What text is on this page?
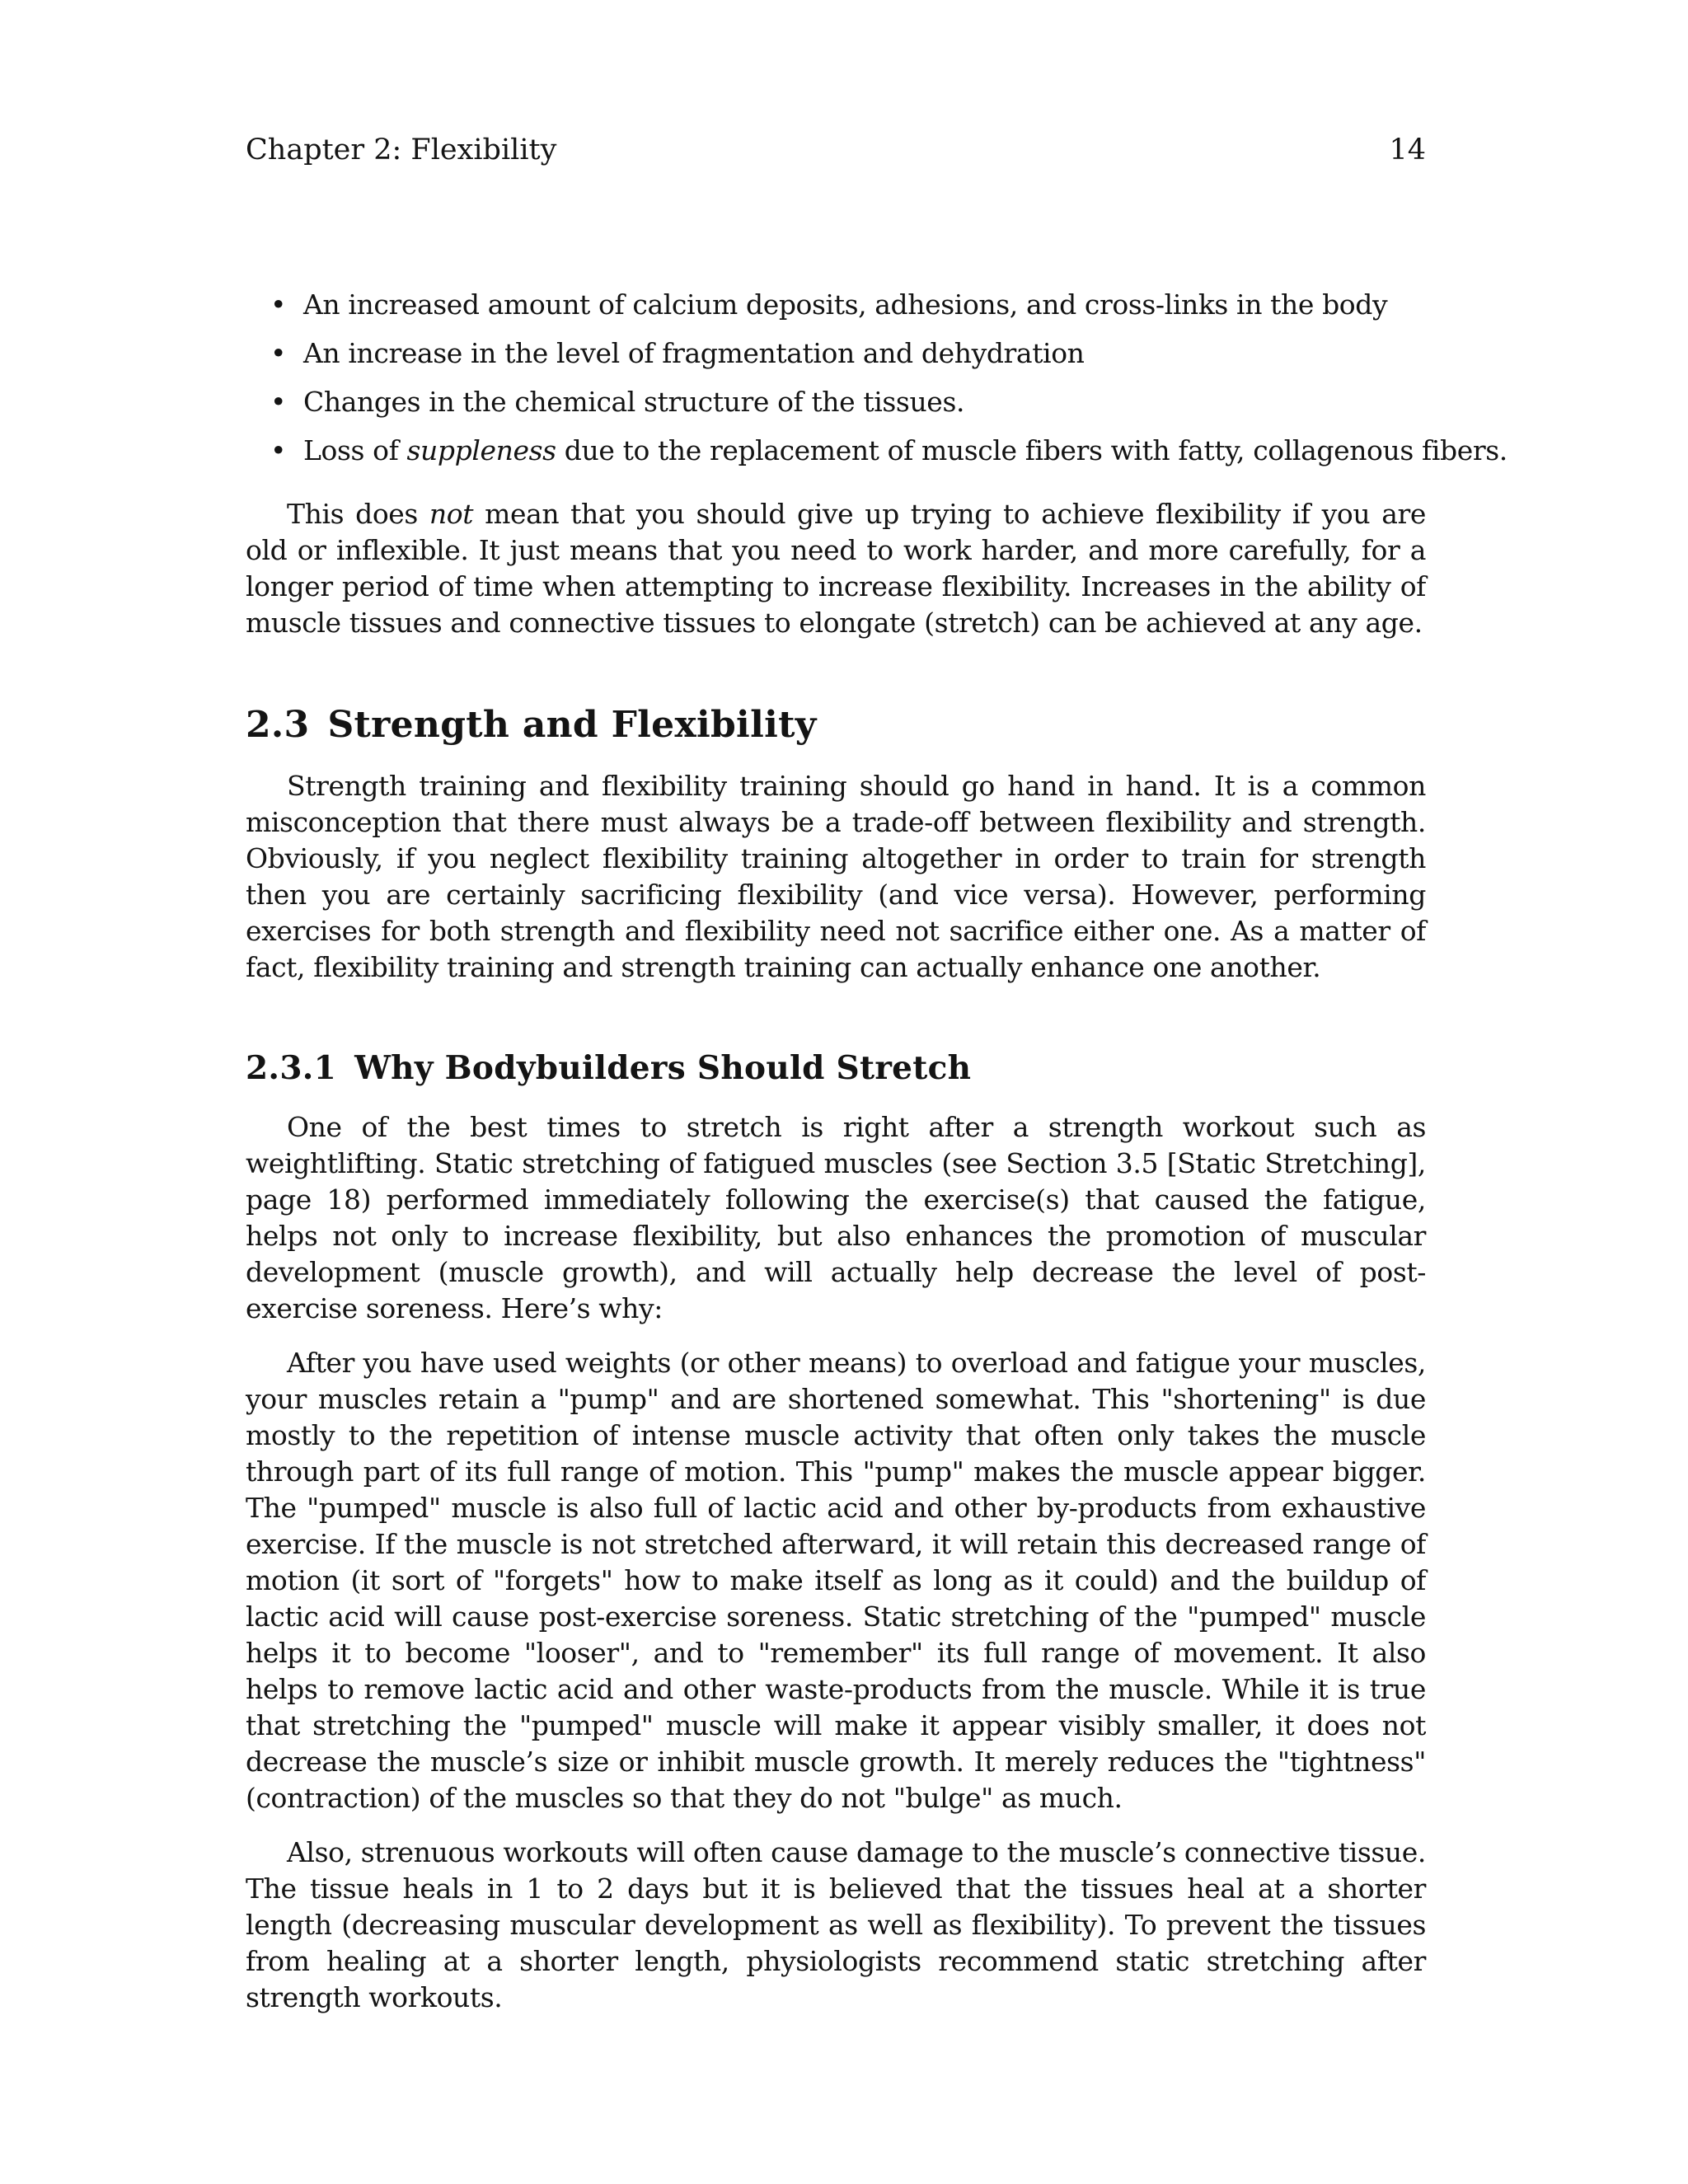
Chapter 2: Flexibility	14
• An increased amount of calcium deposits, adhesions, and cross-links in the body
• An increase in the level of fragmentation and dehydration
• Changes in the chemical structure of the tissues.
• Loss of suppleness due to the replacement of muscle fibers with fatty, collagenous fibers.

This does not mean that you should give up trying to achieve flexibility if you are old or inflexible. It just means that you need to work harder, and more carefully, for a longer period of time when attempting to increase flexibility. Increases in the ability of muscle tissues and connective tissues to elongate (stretch) can be achieved at any age.

2.3 Strength and Flexibility

Strength training and flexibility training should go hand in hand. It is a common misconception that there must always be a trade-off between flexibility and strength. Obviously, if you neglect flexibility training altogether in order to train for strength then you are certainly sacrificing flexibility (and vice versa). However, performing exercises for both strength and flexibility need not sacrifice either one. As a matter of fact, flexibility training and strength training can actually enhance one another.

2.3.1 Why Bodybuilders Should Stretch

One of the best times to stretch is right after a strength workout such as weightlifting. Static stretching of fatigued muscles (see Section 3.5 [Static Stretching], page 18) performed immediately following the exercise(s) that caused the fatigue, helps not only to increase flexibility, but also enhances the promotion of muscular development (muscle growth), and will actually help decrease the level of post-exercise soreness. Here’s why:

After you have used weights (or other means) to overload and fatigue your muscles, your muscles retain a "pump" and are shortened somewhat. This "shortening" is due mostly to the repetition of intense muscle activity that often only takes the muscle through part of its full range of motion. This "pump" makes the muscle appear bigger. The "pumped" muscle is also full of lactic acid and other by-products from exhaustive exercise. If the muscle is not stretched afterward, it will retain this decreased range of motion (it sort of "forgets" how to make itself as long as it could) and the buildup of lactic acid will cause post-exercise soreness. Static stretching of the "pumped" muscle helps it to become "looser", and to "remember" its full range of movement. It also helps to remove lactic acid and other waste-products from the muscle. While it is true that stretching the "pumped" muscle will make it appear visibly smaller, it does not decrease the muscle’s size or inhibit muscle growth. It merely reduces the "tightness" (contraction) of the muscles so that they do not "bulge" as much.

Also, strenuous workouts will often cause damage to the muscle’s connective tissue. The tissue heals in 1 to 2 days but it is believed that the tissues heal at a shorter length (decreasing muscular development as well as flexibility). To prevent the tissues from healing at a shorter length, physiologists recommend static stretching after strength workouts.
